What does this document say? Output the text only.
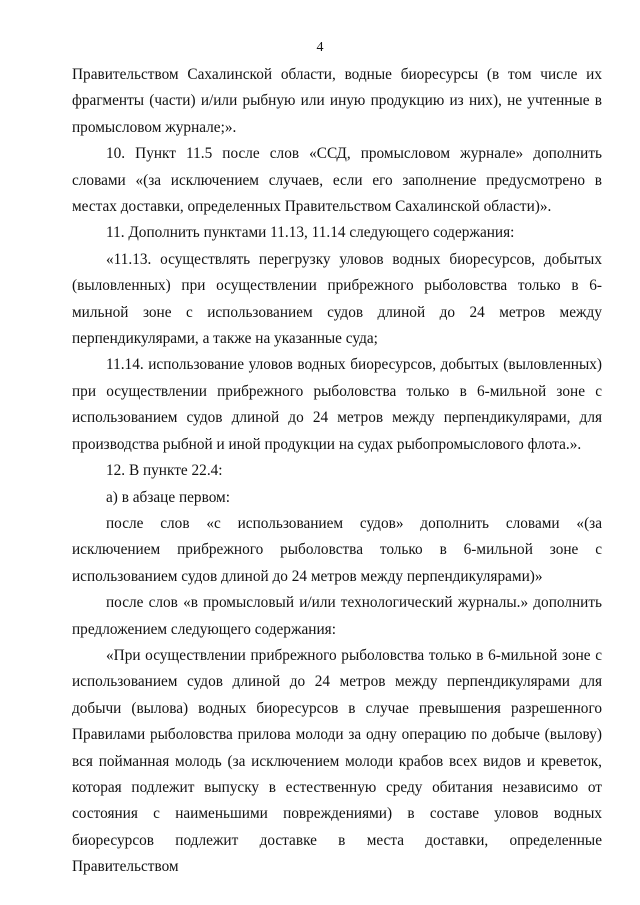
4

Правительством Сахалинской области, водные биоресурсы (в том числе их фрагменты (части) и/или рыбную или иную продукцию из них), не учтенные в промысловом журнале;».

10. Пункт 11.5 после слов «ССД, промысловом журнале» дополнить словами «(за исключением случаев, если его заполнение предусмотрено в местах доставки, определенных Правительством Сахалинской области)».

11. Дополнить пунктами 11.13, 11.14 следующего содержания:

«11.13. осуществлять перегрузку уловов водных биоресурсов, добытых (выловленных) при осуществлении прибрежного рыболовства только в 6-мильной зоне с использованием судов длиной до 24 метров между перпендикулярами, а также на указанные суда;

11.14. использование уловов водных биоресурсов, добытых (выловленных) при осуществлении прибрежного рыболовства только в 6-мильной зоне с использованием судов длиной до 24 метров между перпендикулярами, для производства рыбной и иной продукции на судах рыбопромыслового флота.».

12. В пункте 22.4:

а) в абзаце первом:

после слов «с использованием судов» дополнить словами «(за исключением прибрежного рыболовства только в 6-мильной зоне с использованием судов длиной до 24 метров между перпендикулярами)»

после слов «в промысловый и/или технологический журналы.» дополнить предложением следующего содержания:

«При осуществлении прибрежного рыболовства только в 6-мильной зоне с использованием судов длиной до 24 метров между перпендикулярами для добычи (вылова) водных биоресурсов в случае превышения разрешенного Правилами рыболовства прилова молоди за одну операцию по добыче (вылову) вся пойманная молодь (за исключением молоди крабов всех видов и креветок, которая подлежит выпуску в естественную среду обитания независимо от состояния с наименьшими повреждениями) в составе уловов водных биоресурсов подлежит доставке в места доставки, определенные Правительством
